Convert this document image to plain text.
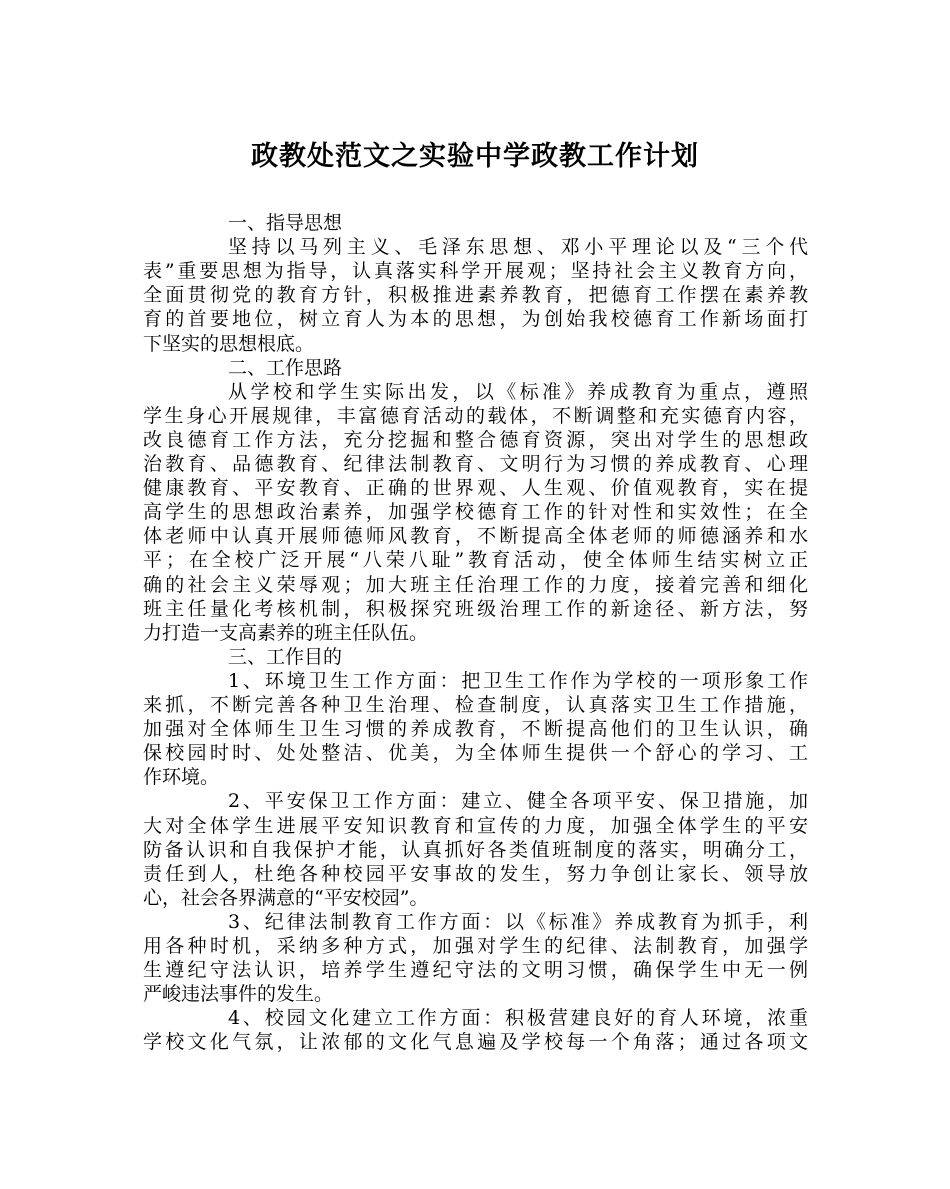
政教处范文之实验中学政教工作计划
一、指导思想
坚持以马列主义、毛泽东思想、邓小平理论以及“三个代
表”重要思想为指导，认真落实科学开展观；坚持社会主义教育方向，
全面贯彻党的教育方针，积极推进素养教育，把德育工作摆在素养教
育的首要地位，树立育人为本的思想，为创始我校德育工作新场面打
下坚实的思想根底。
二、工作思路
从学校和学生实际出发，以《标准》养成教育为重点，遵照
学生身心开展规律，丰富德育活动的载体，不断调整和充实德育内容，
改良德育工作方法，充分挖掘和整合德育资源，突出对学生的思想政
治教育、品德教育、纪律法制教育、文明行为习惯的养成教育、心理
健康教育、平安教育、正确的世界观、人生观、价值观教育，实在提
高学生的思想政治素养，加强学校德育工作的针对性和实效性；在全
体老师中认真开展师德师风教育，不断提高全体老师的师德涵养和水
平；在全校广泛开展“八荣八耻”教育活动，使全体师生结实树立正
确的社会主义荣辱观；加大班主任治理工作的力度，接着完善和细化
班主任量化考核机制，积极探究班级治理工作的新途径、新方法，努
力打造一支高素养的班主任队伍。
三、工作目的
1、环境卫生工作方面：把卫生工作作为学校的一项形象工作
来抓，不断完善各种卫生治理、检查制度，认真落实卫生工作措施，
加强对全体师生卫生习惯的养成教育，不断提高他们的卫生认识，确
保校园时时、处处整洁、优美，为全体师生提供一个舒心的学习、工
作环境。
2、平安保卫工作方面：建立、健全各项平安、保卫措施，加
大对全体学生进展平安知识教育和宣传的力度，加强全体学生的平安
防备认识和自我保护才能，认真抓好各类值班制度的落实，明确分工，
责任到人，杜绝各种校园平安事故的发生，努力争创让家长、领导放
心，社会各界满意的“平安校园”。
3、纪律法制教育工作方面：以《标准》养成教育为抓手，利
用各种时机，采纳多种方式，加强对学生的纪律、法制教育，加强学
生遵纪守法认识，培养学生遵纪守法的文明习惯，确保学生中无一例
严峻违法事件的发生。
4、校园文化建立工作方面：积极营建良好的育人环境，浓重
学校文化气氛，让浓郁的文化气息遍及学校每一个角落；通过各项文
